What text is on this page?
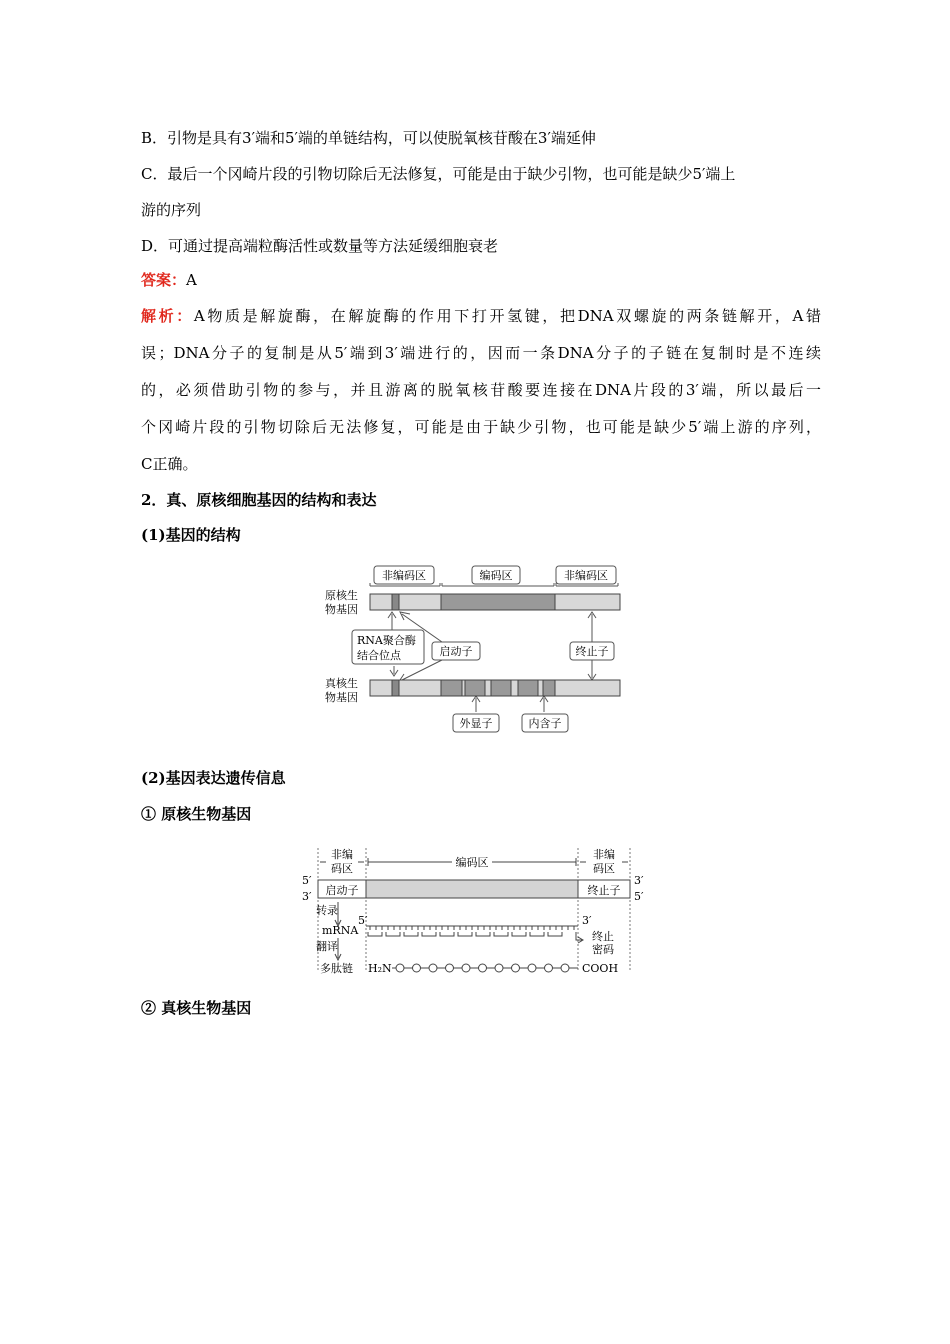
B．引物是具有3′端和5′端的单链结构，可以使脱氧核苷酸在3′端延伸
C．最后一个冈崎片段的引物切除后无法修复，可能是由于缺少引物，也可能是缺少5′端上
游的序列
D．可通过提高端粒酶活性或数量等方法延缓细胞衰老
答案：A
解析：A物质是解旋酶，在解旋酶的作用下打开氢键，把DNA双螺旋的两条链解开，A错
误；DNA分子的复制是从5′端到3′端进行的，因而一条DNA分子的子链在复制时是不连续
的，必须借助引物的参与，并且游离的脱氧核苷酸要连接在DNA片段的3′端，所以最后一
个冈崎片段的引物切除后无法修复，可能是由于缺少引物，也可能是缺少5′端上游的序列，
C正确。
2．真、原核细胞基因的结构和表达
(1)基因的结构
非编码区	编码区	非编码区
原核生
物基因
RNA聚合酶
结合位点	启动子	终止子
真核生
物基因
外显子	内含子
(2)基因表达遗传信息
① 原核生物基因
非编
码区	编码区
非编
码区
5′
3′
3′
5′
启动子	终止子
转录
mRNA
5′	3′
终止
密码
翻译
多肽链 H₂N	COOH
② 真核生物基因
